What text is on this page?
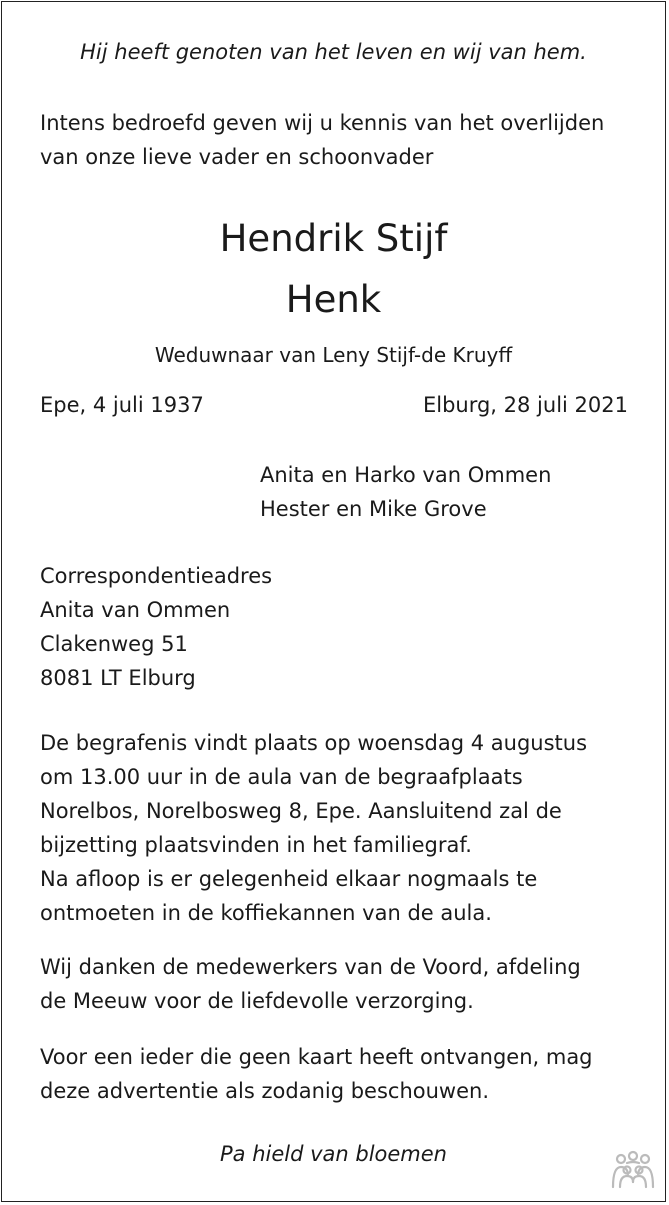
Hij heeft genoten van het leven en wij van hem.
Intens bedroefd geven wij u kennis van het overlijden
van onze lieve vader en schoonvader
Hendrik Stijf
Henk
Weduwnaar van Leny Stijf-de Kruyff
Epe, 4 juli 1937	Elburg, 28 juli 2021
Anita en Harko van Ommen
Hester en Mike Grove
Correspondentieadres
Anita van Ommen
Clakenweg 51
8081 LT Elburg
De begrafenis vindt plaats op woensdag 4 augustus
om 13.00 uur in de aula van de begraafplaats
Norelbos, Norelbosweg 8, Epe. Aansluitend zal de
bijzetting plaatsvinden in het familiegraf.
Na afloop is er gelegenheid elkaar nogmaals te
ontmoeten in de koffiekannen van de aula.
Wij danken de medewerkers van de Voord, afdeling
de Meeuw voor de liefdevolle verzorging.
Voor een ieder die geen kaart heeft ontvangen, mag
deze advertentie als zodanig beschouwen.
Pa hield van bloemen
